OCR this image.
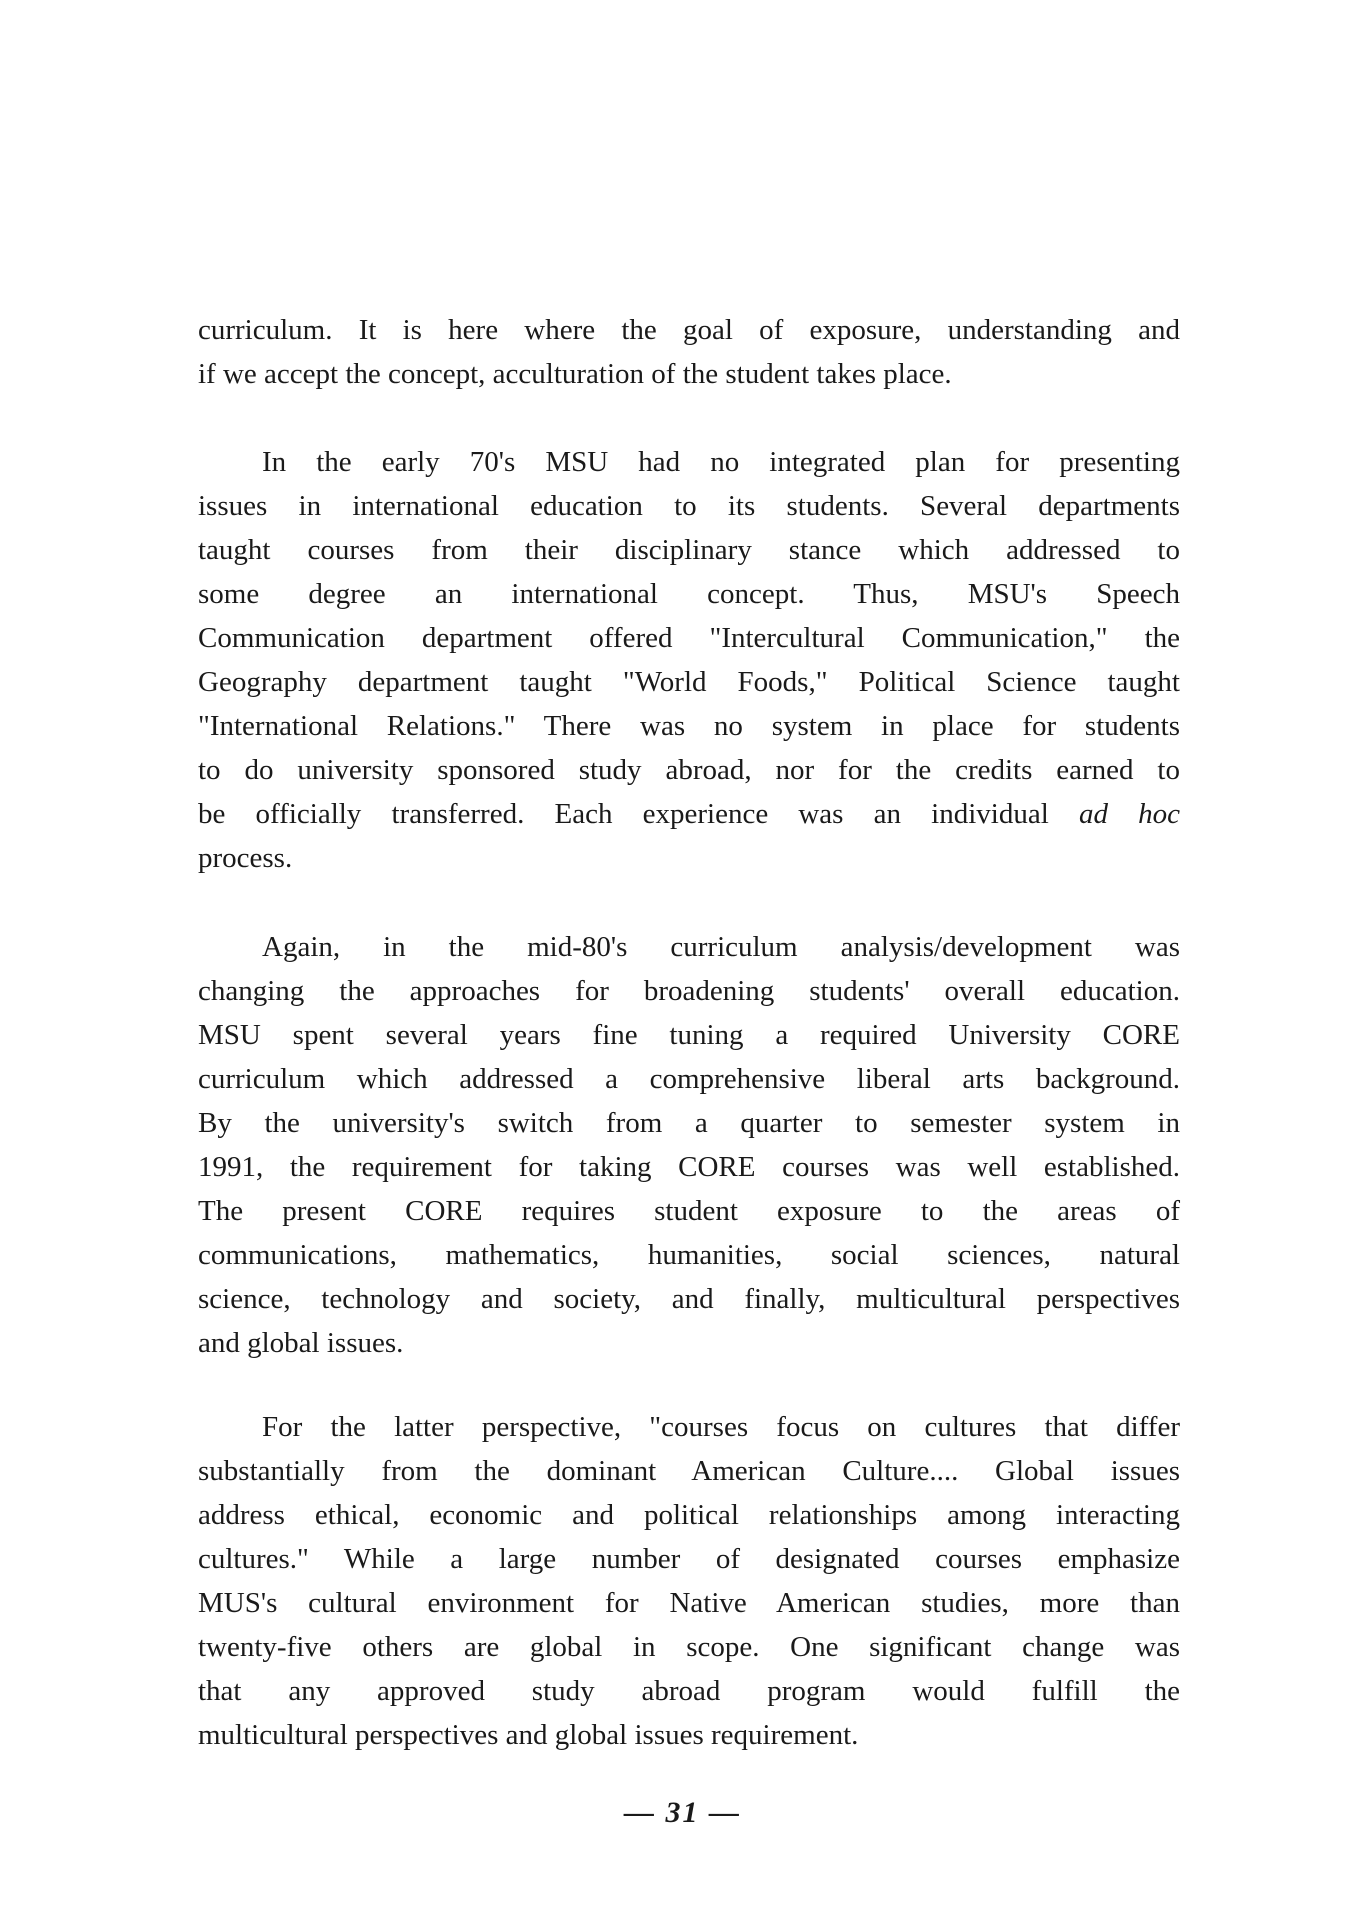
curriculum. It is here where the goal of exposure, understanding and
if we accept the concept, acculturation of the student takes place.

In the early 70's MSU had no integrated plan for presenting
issues in international education to its students. Several departments
taught courses from their disciplinary stance which addressed to
some degree an international concept. Thus, MSU's Speech
Communication department offered "Intercultural Communication," the
Geography department taught "World Foods," Political Science taught
"International Relations." There was no system in place for students
to do university sponsored study abroad, nor for the credits earned to
be officially transferred. Each experience was an individual ad hoc
process.

Again, in the mid-80's curriculum analysis/development was
changing the approaches for broadening students' overall education.
MSU spent several years fine tuning a required University CORE
curriculum which addressed a comprehensive liberal arts background.
By the university's switch from a quarter to semester system in
1991, the requirement for taking CORE courses was well established.
The present CORE requires student exposure to the areas of
communications, mathematics, humanities, social sciences, natural
science, technology and society, and finally, multicultural perspectives
and global issues.

For the latter perspective, "courses focus on cultures that differ
substantially from the dominant American Culture.... Global issues
address ethical, economic and political relationships among interacting
cultures." While a large number of designated courses emphasize
MUS's cultural environment for Native American studies, more than
twenty-five others are global in scope. One significant change was
that any approved study abroad program would fulfill the
multicultural perspectives and global issues requirement.

— 31 —
